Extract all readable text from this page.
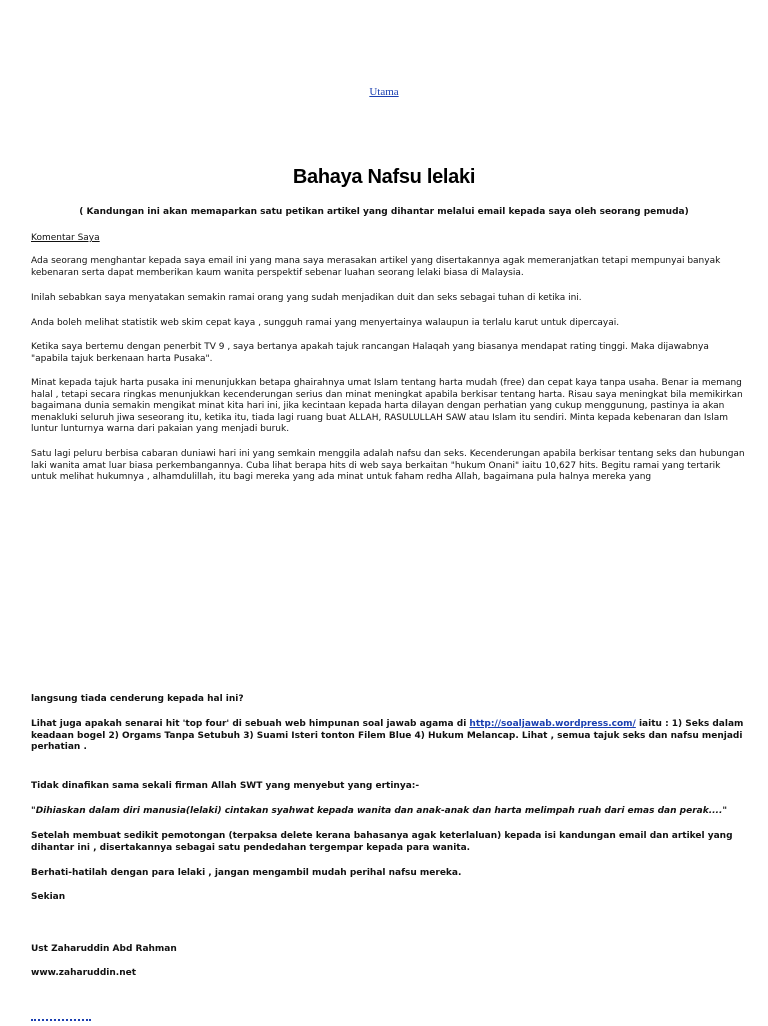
Utama
Bahaya Nafsu lelaki
( Kandungan ini akan memaparkan satu petikan artikel yang dihantar melalui email kepada saya oleh seorang pemuda)
Komentar Saya

Ada seorang menghantar kepada saya email ini yang mana saya merasakan artikel yang disertakannya agak memeranjatkan tetapi mempunyai banyak kebenaran serta dapat memberikan kaum wanita perspektif sebenar luahan seorang lelaki biasa di Malaysia.

Inilah sebabkan saya menyatakan semakin ramai orang yang sudah menjadikan duit dan seks sebagai tuhan di ketika ini.

Anda boleh melihat statistik web skim cepat kaya , sungguh ramai yang menyertainya walaupun ia terlalu karut untuk dipercayai.

Ketika saya bertemu dengan penerbit TV 9 , saya bertanya apakah tajuk rancangan Halaqah yang biasanya mendapat rating tinggi. Maka dijawabnya "apabila tajuk berkenaan harta Pusaka".

Minat kepada tajuk harta pusaka ini menunjukkan betapa ghairahnya umat Islam tentang harta mudah (free) dan cepat kaya tanpa usaha. Benar ia memang halal , tetapi secara ringkas menunjukkan kecenderungan serius dan minat meningkat apabila berkisar tentang harta. Risau saya meningkat bila memikirkan bagaimana dunia semakin mengikat minat kita hari ini, jika kecintaan kepada harta dilayan dengan perhatian yang cukup menggunung, pastinya ia akan menakluki seluruh jiwa seseorang itu, ketika itu, tiada lagi ruang buat ALLAH, RASULULLAH SAW atau Islam itu sendiri. Minta kepada kebenaran dan Islam luntur lunturnya warna dari pakaian yang menjadi buruk.

Satu lagi peluru berbisa cabaran duniawi hari ini yang semkain menggila adalah nafsu dan seks. Kecenderungan apabila berkisar tentang seks dan hubungan laki wanita amat luar biasa perkembangannya. Cuba lihat berapa hits di web saya berkaitan "hukum Onani" iaitu 10,627 hits. Begitu ramai yang tertarik untuk melihat hukumnya , alhamdulillah, itu bagi mereka yang ada minat untuk faham redha Allah, bagaimana pula halnya mereka yang

langsung tiada cenderung kepada hal ini?

Lihat juga apakah senarai hit 'top four' di sebuah web himpunan soal jawab agama di http://soaljawab.wordpress.com/ iaitu : 1) Seks dalam keadaan bogel 2) Orgams Tanpa Setubuh 3) Suami Isteri tonton Filem Blue 4) Hukum Melancap. Lihat , semua tajuk seks dan nafsu menjadi perhatian .

Tidak dinafikan sama sekali firman Allah SWT yang menyebut yang ertinya:-

"Dihiaskan dalam diri manusia(lelaki) cintakan syahwat kepada wanita dan anak-anak dan harta melimpah ruah dari emas dan perak...."

Setelah membuat sedikit pemotongan (terpaksa delete kerana bahasanya agak keterlaluan) kepada isi kandungan email dan artikel yang dihantar ini , disertakannya sebagai satu pendedahan tergempar kepada para wanita.

Berhati-hatilah dengan para lelaki , jangan mengambil mudah perihal nafsu mereka.

Sekian

Ust Zaharuddin Abd Rahman

www.zaharuddin.net
